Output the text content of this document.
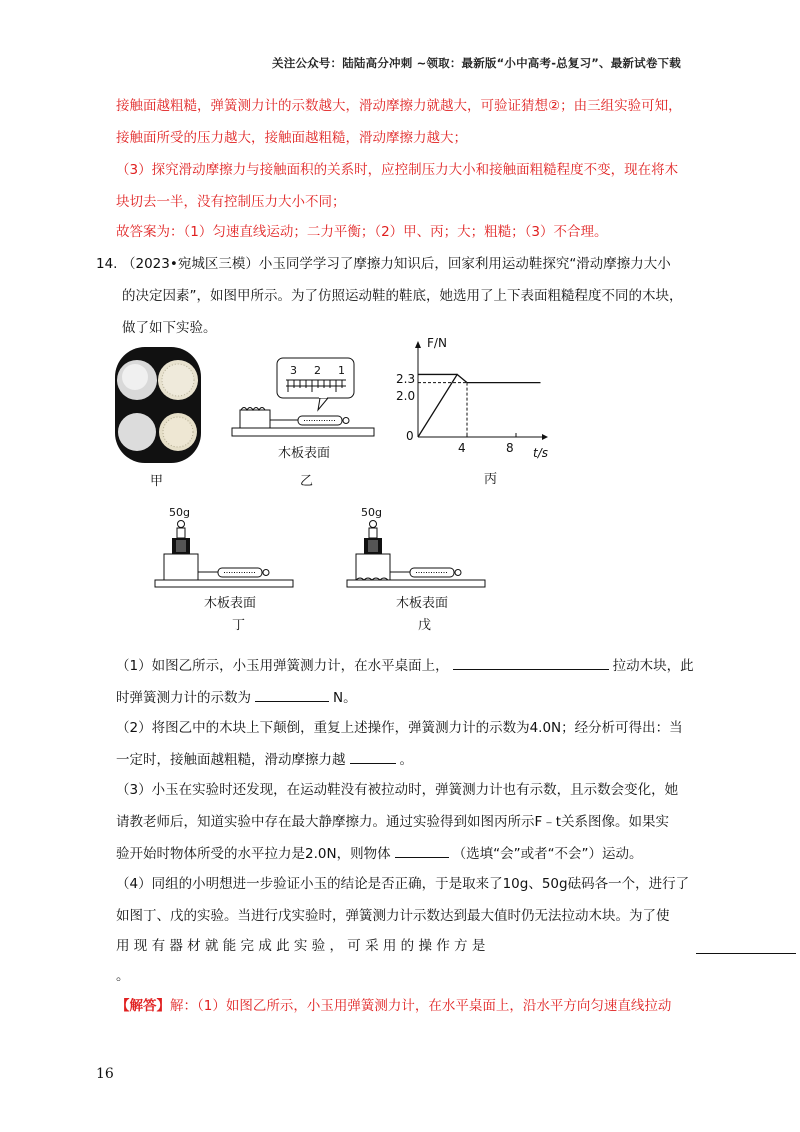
关注公众号：陆陆高分冲刺 ~领取：最新版“小中高考-总复习”、最新试卷下载
接触面越粗糙，弹簧测力计的示数越大，滑动摩擦力就越大，可验证猜想②；由三组实验可知，
接触面所受的压力越大，接触面越粗糙，滑动摩擦力越大；
（3）探究滑动摩擦力与接触面积的关系时，应控制压力大小和接触面粗糙程度不变，现在将木
块切去一半，没有控制压力大小不同；
故答案为：（1）匀速直线运动；二力平衡；（2）甲、丙；大；粗糙；（3）不合理。
14. （2023•宛城区三模）小玉同学学习了摩擦力知识后，回家利用运动鞋探究“滑动摩擦力大小
的决定因素”，如图甲所示。为了仿照运动鞋的鞋底，她选用了上下表面粗糙程度不同的木块，
做了如下实验。
甲
3 2 1
木板表面
乙
F/N
2.3
2.0
0
4	8 t/s
丙
50g
木板表面
丁
50g
木板表面
戊
（1）如图乙所示，小玉用弹簧测力计，在水平桌面上，	拉动木块，此
时弹簧测力计的示数为	N。
（2）将图乙中的木块上下颠倒，重复上述操作，弹簧测力计的示数为4.0N；经分析可得出：当
一定时，接触面越粗糙，滑动摩擦力越	。
（3）小玉在实验时还发现，在运动鞋没有被拉动时，弹簧测力计也有示数，且示数会变化，她
请教老师后，知道实验中存在最大静摩擦力。通过实验得到如图丙所示F﹣t关系图像。如果实
验开始时物体所受的水平拉力是2.0N，则物体	（选填“会”或者“不会”）运动。
（4）同组的小明想进一步验证小玉的结论是否正确，于是取来了10g、50g砝码各一个，进行了
如图丁、戊的实验。当进行戊实验时，弹簧测力计示数达到最大值时仍无法拉动木块。为了使
用 现 有 器 材 就 能 完 成 此 实 验 ， 可 采 用 的 操 作 方 是
。
【解答】解：（1）如图乙所示，小玉用弹簧测力计，在水平桌面上，沿水平方向匀速直线拉动
16
